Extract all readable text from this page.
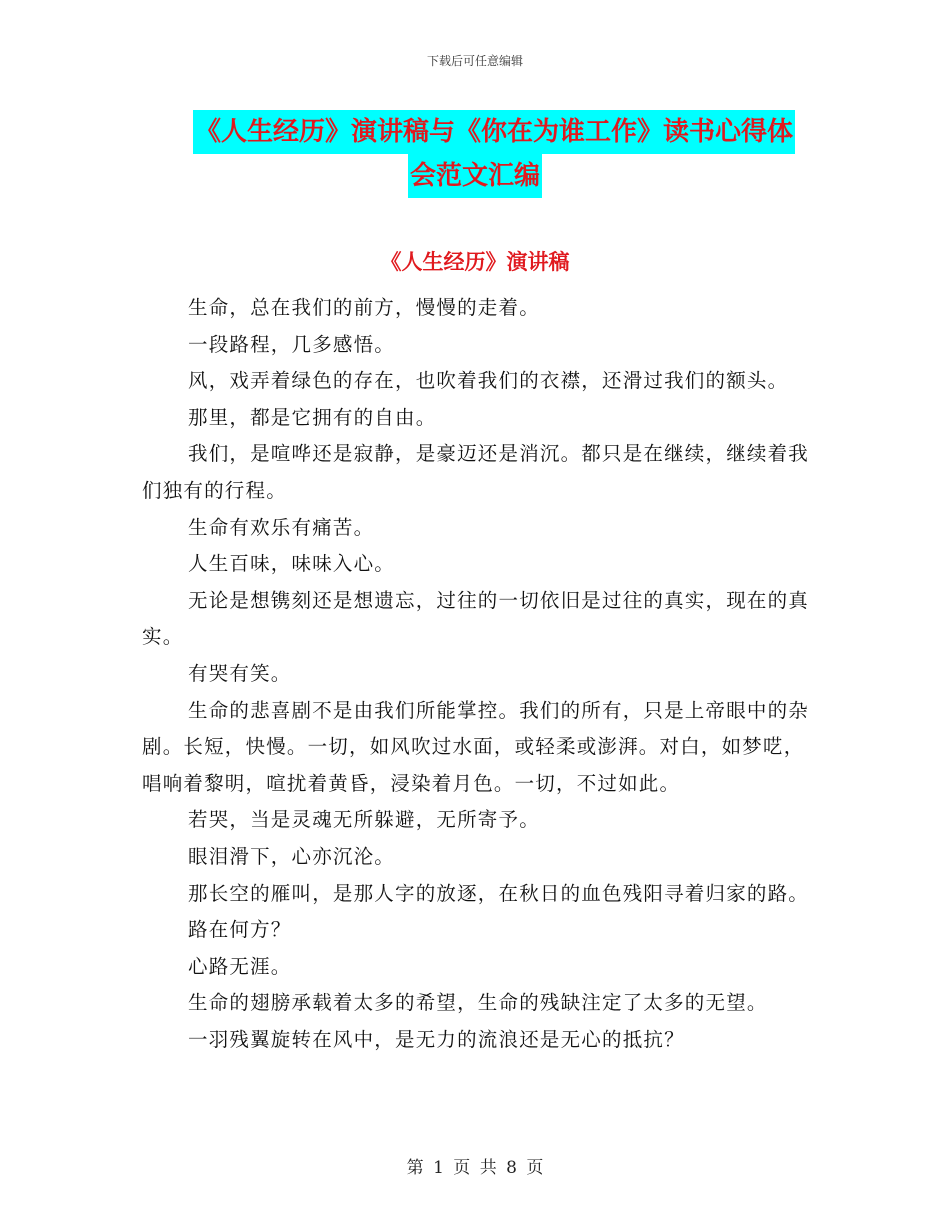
下载后可任意编辑
《人生经历》演讲稿与《你在为谁工作》读书心得体
会范文汇编
《人生经历》演讲稿

生命，总在我们的前方，慢慢的走着。

一段路程，几多感悟。

风，戏弄着绿色的存在，也吹着我们的衣襟，还滑过我们的额头。

那里，都是它拥有的自由。

我们，是喧哗还是寂静，是豪迈还是消沉。都只是在继续，继续着我们独有的行程。

生命有欢乐有痛苦。

人生百味，味味入心。

无论是想镌刻还是想遗忘，过往的一切依旧是过往的真实，现在的真实。

有哭有笑。

生命的悲喜剧不是由我们所能掌控。我们的所有，只是上帝眼中的杂剧。长短，快慢。一切，如风吹过水面，或轻柔或澎湃。对白，如梦呓，唱响着黎明，喧扰着黄昏，浸染着月色。一切，不过如此。

若哭，当是灵魂无所躲避，无所寄予。

眼泪滑下，心亦沉沦。

那长空的雁叫，是那人字的放逐，在秋日的血色残阳寻着归家的路。

路在何方？

心路无涯。

生命的翅膀承载着太多的希望，生命的残缺注定了太多的无望。

一羽残翼旋转在风中，是无力的流浪还是无心的抵抗？

第 1 页 共 8 页
